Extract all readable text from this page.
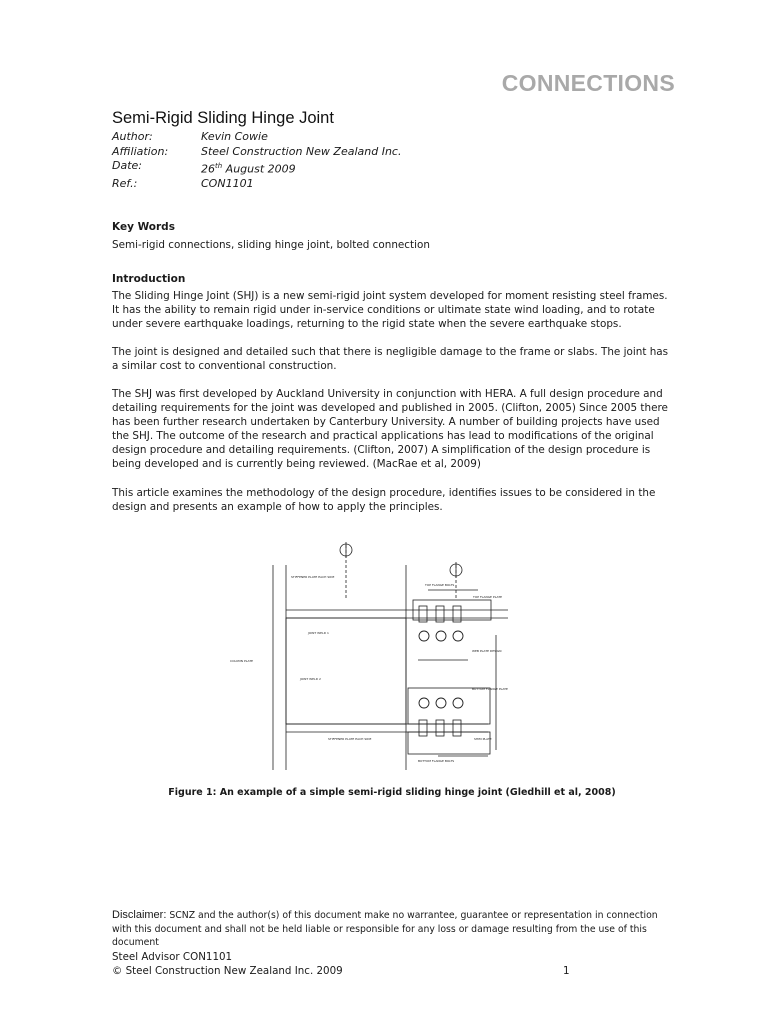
CONNECTIONS
Semi-Rigid Sliding Hinge Joint
Author:	Kevin Cowie
Affiliation:	Steel Construction New Zealand Inc.
Date:	26th August 2009
Ref.:	CON1101
Key Words

Semi-rigid connections, sliding hinge joint, bolted connection

Introduction

The Sliding Hinge Joint (SHJ) is a new semi-rigid joint system developed for moment resisting steel frames. It has the ability to remain rigid under in-service conditions or ultimate state wind loading, and to rotate under severe earthquake loadings, returning to the rigid state when the severe earthquake stops.

The joint is designed and detailed such that there is negligible damage to the frame or slabs. The joint has a similar cost to conventional construction.

The SHJ was first developed by Auckland University in conjunction with HERA. A full design procedure and detailing requirements for the joint was developed and published in 2005. (Clifton, 2005) Since 2005 there has been further research undertaken by Canterbury University. A number of building projects have used the SHJ. The outcome of the research and practical applications has lead to modifications of the original design procedure and detailing requirements. (Clifton, 2007) A simplification of the design procedure is being developed and is currently being reviewed. (MacRae et al, 2009)

This article examines the methodology of the design procedure, identifies issues to be considered in the design and presents an example of how to apply the principles.

STIFFENER PLATE EACH SIDE
TOP FLANGE BOLTS
TOP FLANGE PLATE
JOINT WELD 1
JOINT WELD 2
COLUMN PLATE
WEB PLATE DESIGN
BOTTOM FLANGE PLATE
STIFFENER PLATE EACH SIDE
BOTTOM FLANGE BOLTS
SHIM PLATE
Figure 1: An example of a simple semi-rigid sliding hinge joint (Gledhill et al, 2008)
Disclaimer: SCNZ and the author(s) of this document make no warrantee, guarantee or representation in connection with this document and shall not be held liable or responsible for any loss or damage resulting from the use of this document
Steel Advisor CON1101
© Steel Construction New Zealand Inc. 2009	1
